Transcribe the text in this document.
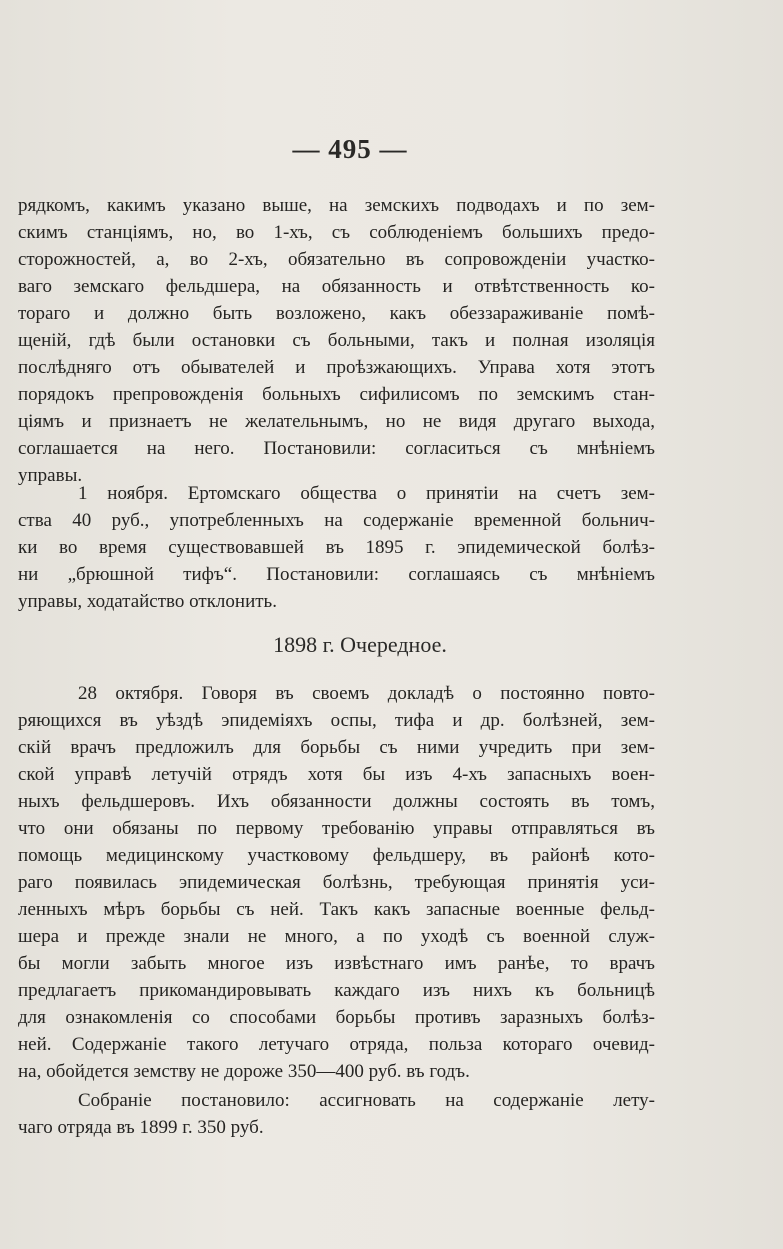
— 495 —
рядкомъ, какимъ указано выше, на земскихъ подводахъ и по зем-
скимъ станціямъ, но, во 1-хъ, съ соблюденіемъ большихъ предо-
сторожностей, а, во 2-хъ, обязательно въ сопровожденіи участко-
ваго земскаго фельдшера, на обязанность и отвѣтственность ко-
тораго и должно быть возложено, какъ обеззараживаніе помѣ-
щеній, гдѣ были остановки съ больными, такъ и полная изоляція
послѣдняго отъ обывателей и проѣзжающихъ. Управа хотя этотъ
порядокъ препровожденія больныхъ сифилисомъ по земскимъ стан-
ціямъ и признаетъ не желательнымъ, но не видя другаго выхода,
соглашается на него. Постановили: согласиться съ мнѣніемъ
управы.
1 ноября. Ертомскаго общества о принятіи на счетъ зем-
ства 40 руб., употребленныхъ на содержаніе временной больнич-
ки во время существовавшей въ 1895 г. эпидемической болѣз-
ни „брюшной тифъ“. Постановили: соглашаясь съ мнѣніемъ
управы, ходатайство отклонить.
1898 г. Очередное.
28 октября. Говоря въ своемъ докладѣ о постоянно повто-
ряющихся въ уѣздѣ эпидеміяхъ оспы, тифа и др. болѣзней, зем-
скій врачъ предложилъ для борьбы съ ними учредить при зем-
ской управѣ летучій отрядъ хотя бы изъ 4-хъ запасныхъ воен-
ныхъ фельдшеровъ. Ихъ обязанности должны состоять въ томъ,
что они обязаны по первому требованію управы отправляться въ
помощь медицинскому участковому фельдшеру, въ районѣ кото-
раго появилась эпидемическая болѣзнь, требующая принятія уси-
ленныхъ мѣръ борьбы съ ней. Такъ какъ запасные военные фельд-
шера и прежде знали не много, а по уходѣ съ военной служ-
бы могли забыть многое изъ извѣстнаго имъ ранѣе, то врачъ
предлагаетъ прикомандировывать каждаго изъ нихъ къ больницѣ
для ознакомленія со способами борьбы противъ заразныхъ болѣз-
ней. Содержаніе такого летучаго отряда, польза котораго очевид-
на, обойдется земству не дороже 350—400 руб. въ годъ.
Собраніе постановило: ассигновать на содержаніе лету-
чаго отряда въ 1899 г. 350 руб.
